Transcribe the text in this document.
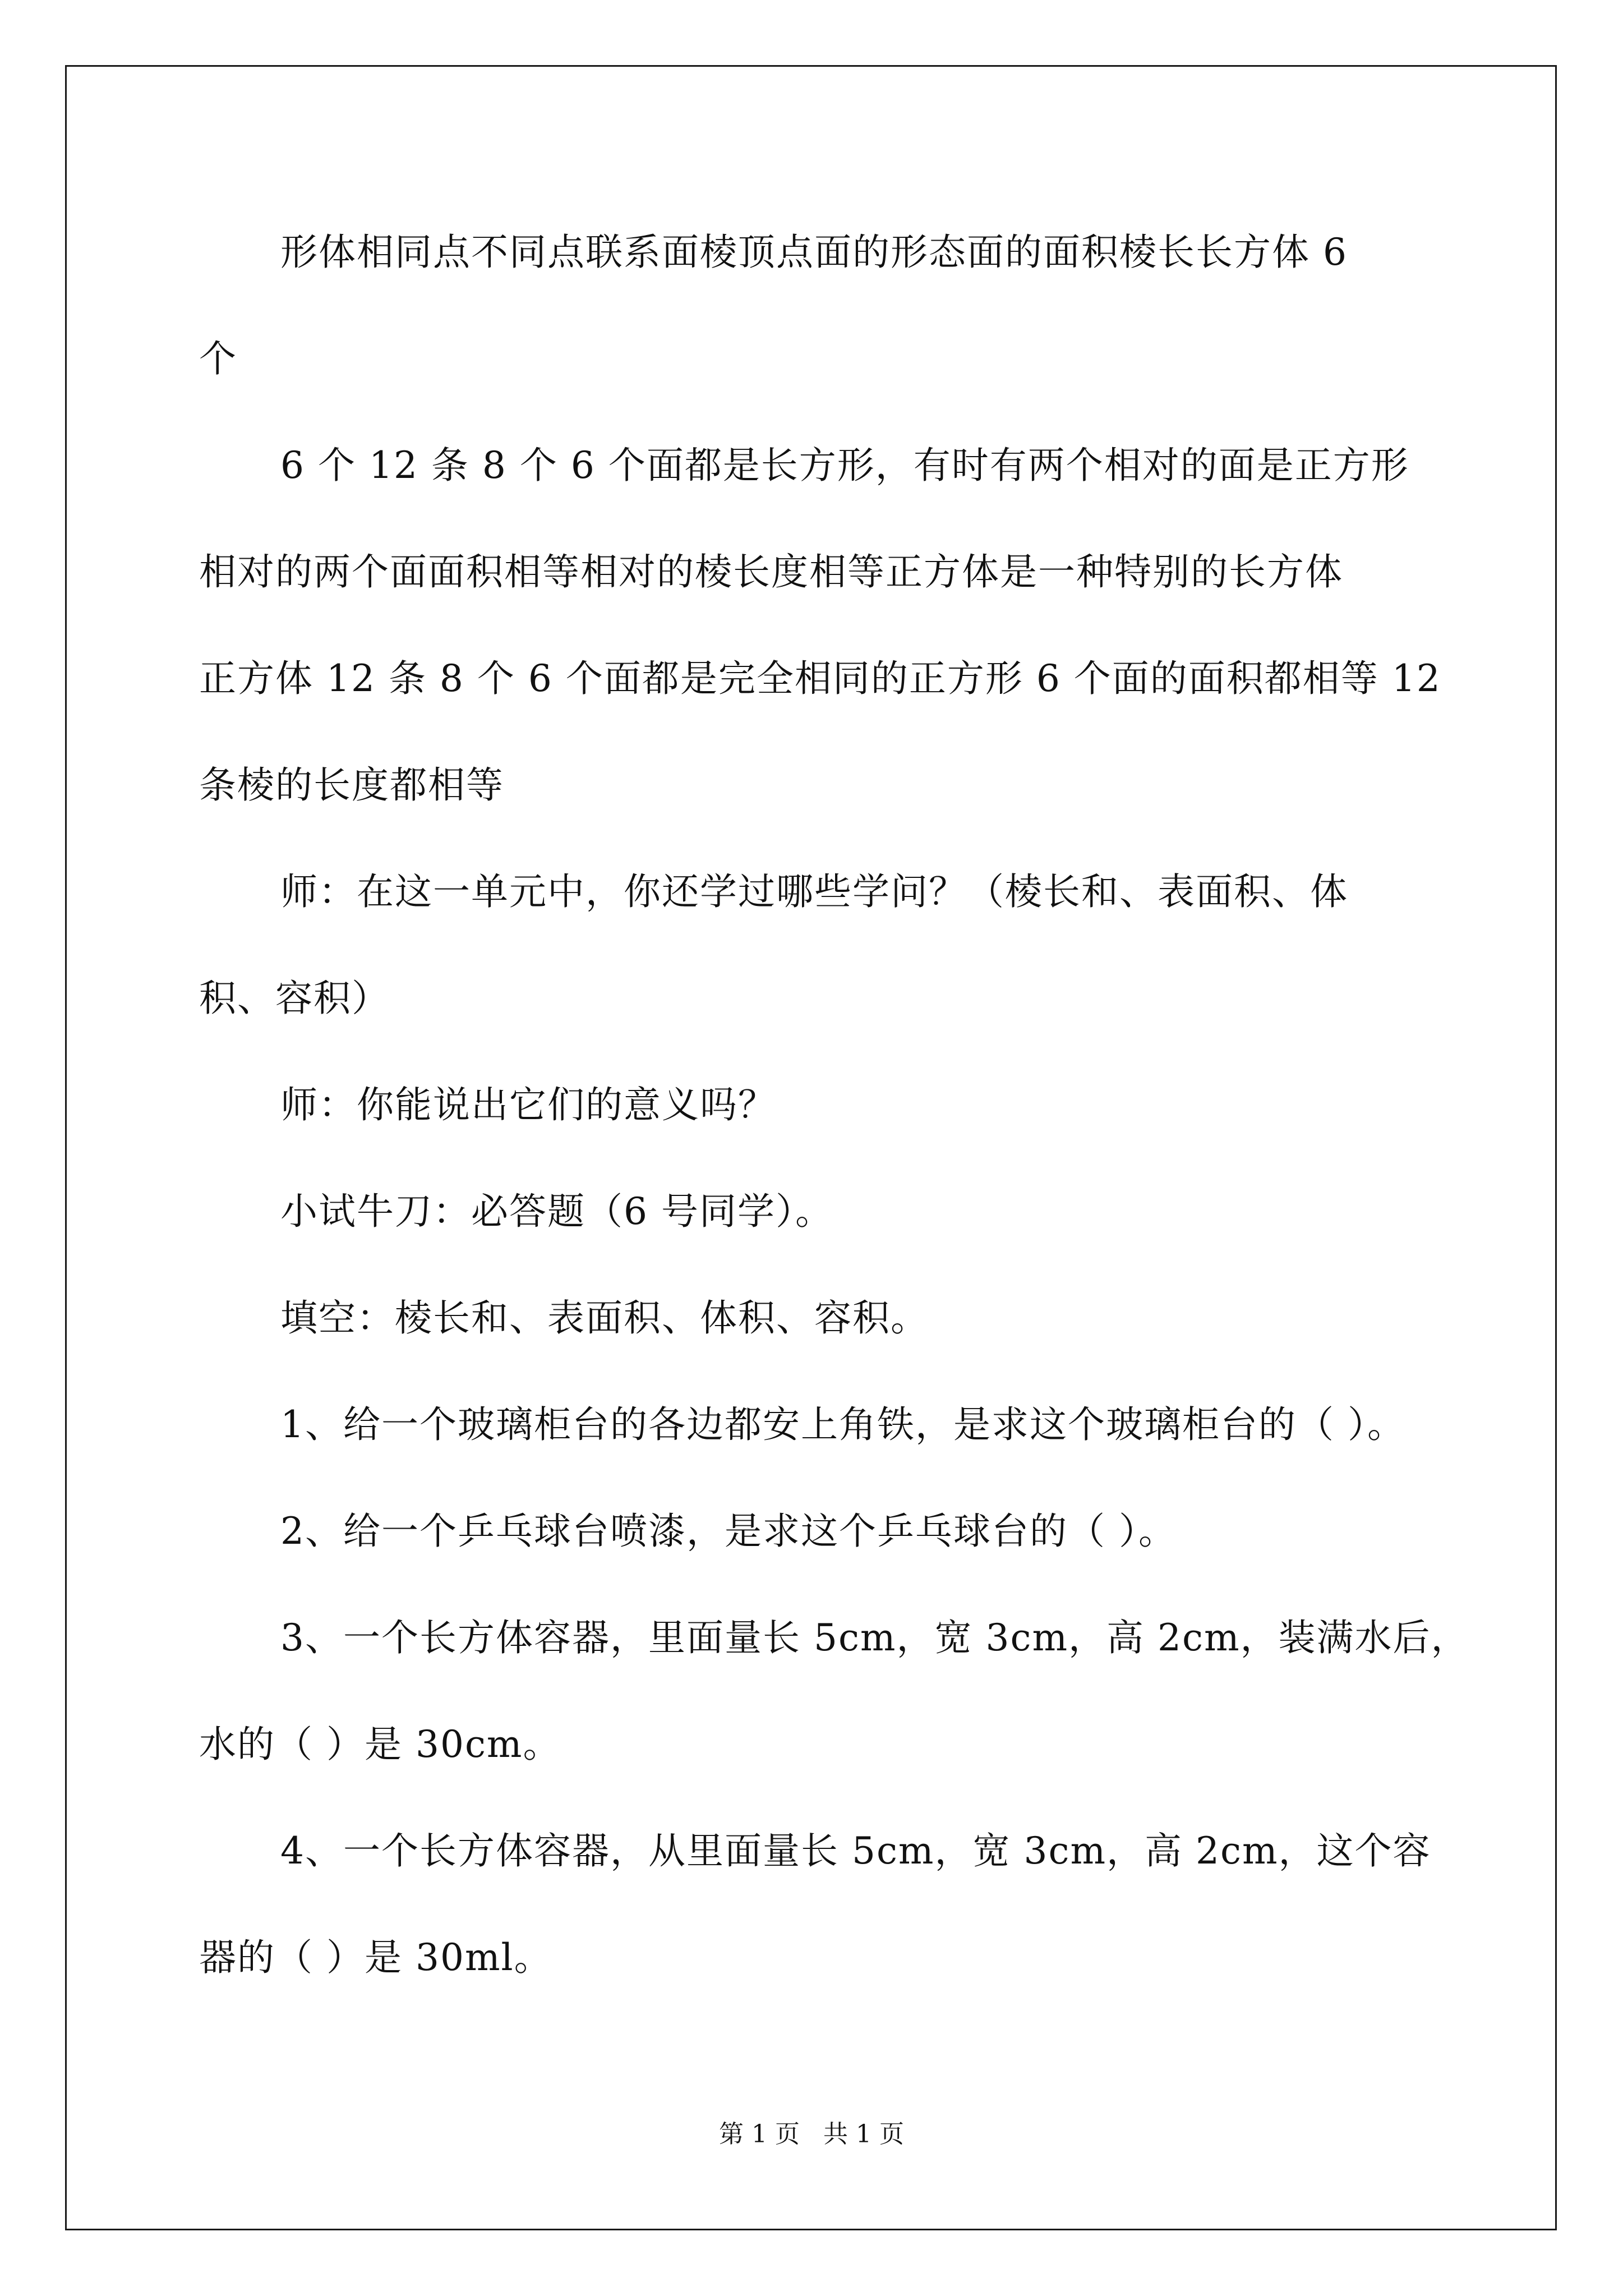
形体相同点不同点联系面棱顶点面的形态面的面积棱长长方体 6
个
6 个 12 条 8 个 6 个面都是长方形，有时有两个相对的面是正方形
相对的两个面面积相等相对的棱长度相等正方体是一种特别的长方体
正方体 12 条 8 个 6 个面都是完全相同的正方形 6 个面的面积都相等 12
条棱的长度都相等
师：在这一单元中，你还学过哪些学问？（棱长和、表面积、体
积、容积）
师：你能说出它们的意义吗？
小试牛刀：必答题（6 号同学）。
填空：棱长和、表面积、体积、容积。
1、给一个玻璃柜台的各边都安上角铁，是求这个玻璃柜台的（ ）。
2、给一个乒乓球台喷漆，是求这个乒乓球台的（ ）。
3、一个长方体容器，里面量长 5cm，宽 3cm，高 2cm，装满水后，
水的（ ）是 30cm。
4、一个长方体容器，从里面量长 5cm，宽 3cm，高 2cm，这个容
器的（ ）是 30ml。
第 1 页 共 1 页
